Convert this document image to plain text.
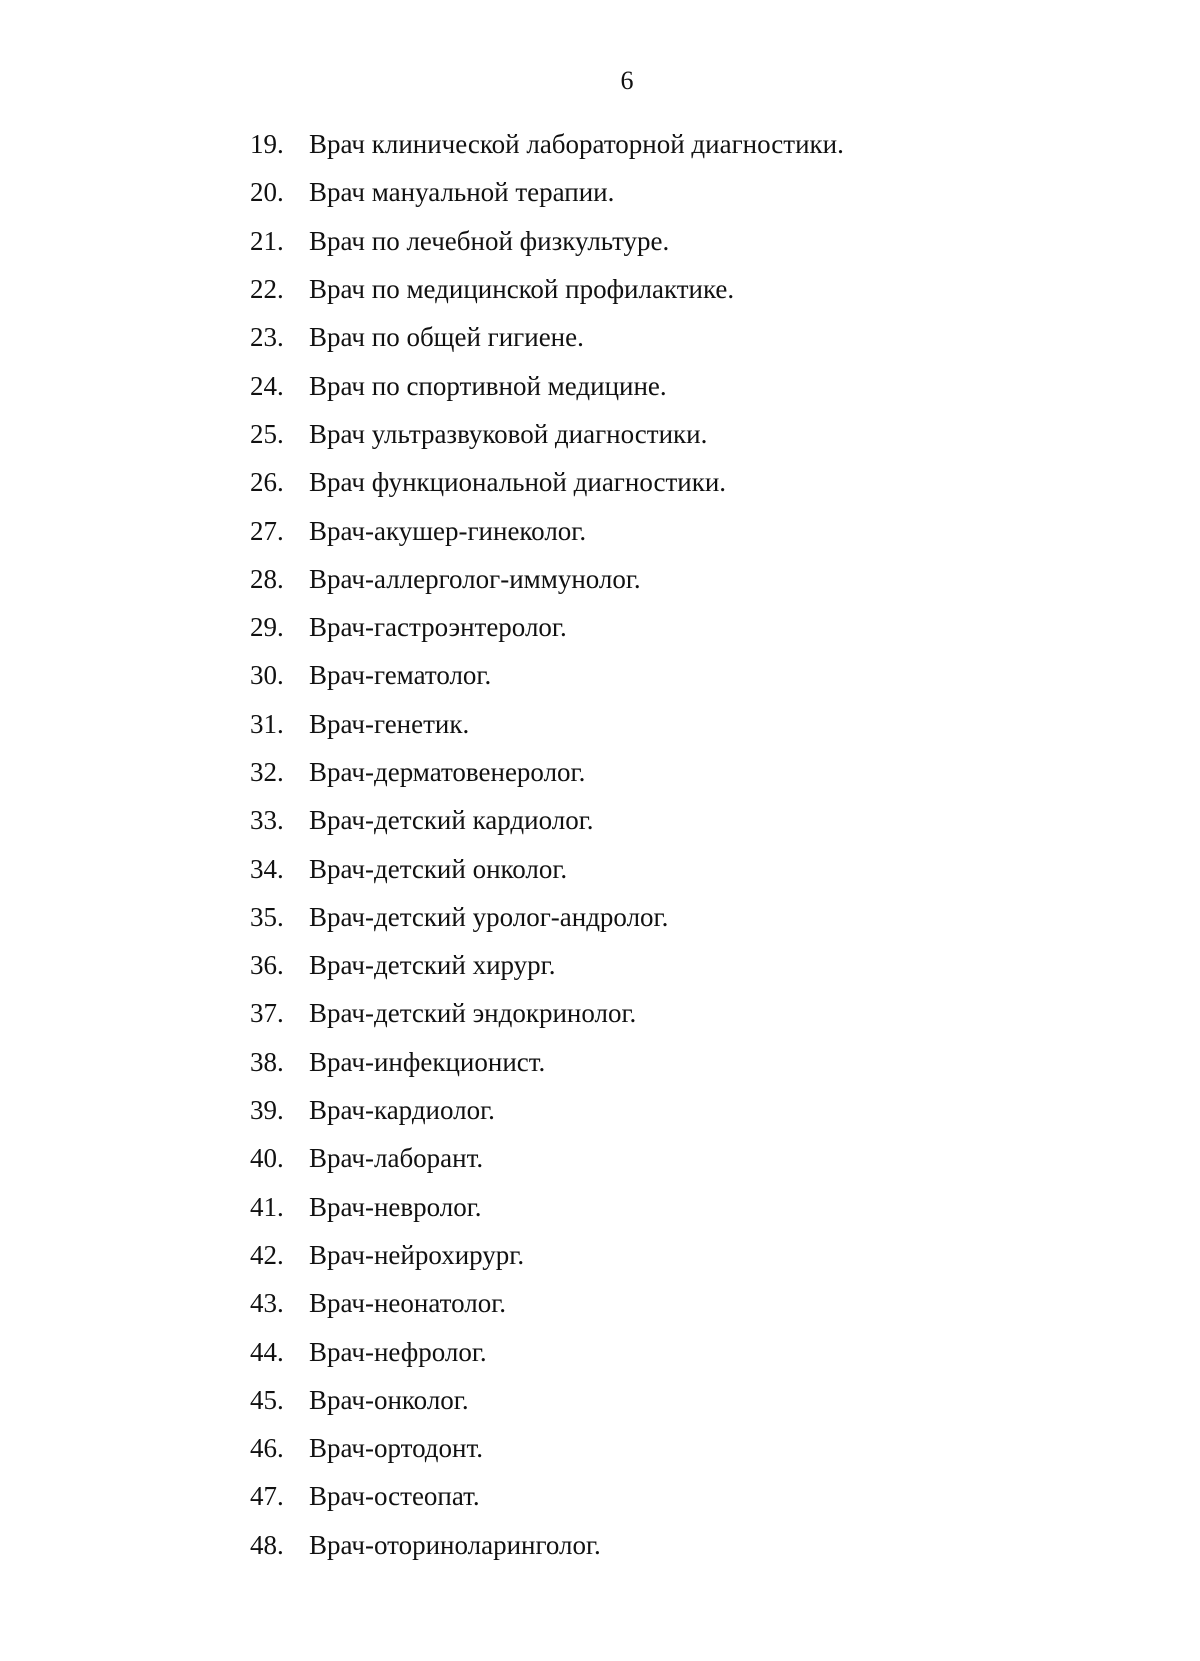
6
19. Врач клинической лабораторной диагностики.
20. Врач мануальной терапии.
21. Врач по лечебной физкультуре.
22. Врач по медицинской профилактике.
23. Врач по общей гигиене.
24. Врач по спортивной медицине.
25. Врач ультразвуковой диагностики.
26. Врач функциональной диагностики.
27. Врач-акушер-гинеколог.
28. Врач-аллерголог-иммунолог.
29. Врач-гастроэнтеролог.
30. Врач-гематолог.
31. Врач-генетик.
32. Врач-дерматовенеролог.
33. Врач-детский кардиолог.
34. Врач-детский онколог.
35. Врач-детский уролог-андролог.
36. Врач-детский хирург.
37. Врач-детский эндокринолог.
38. Врач-инфекционист.
39. Врач-кардиолог.
40. Врач-лаборант.
41. Врач-невролог.
42. Врач-нейрохирург.
43. Врач-неонатолог.
44. Врач-нефролог.
45. Врач-онколог.
46. Врач-ортодонт.
47. Врач-остеопат.
48. Врач-оториноларинголог.
